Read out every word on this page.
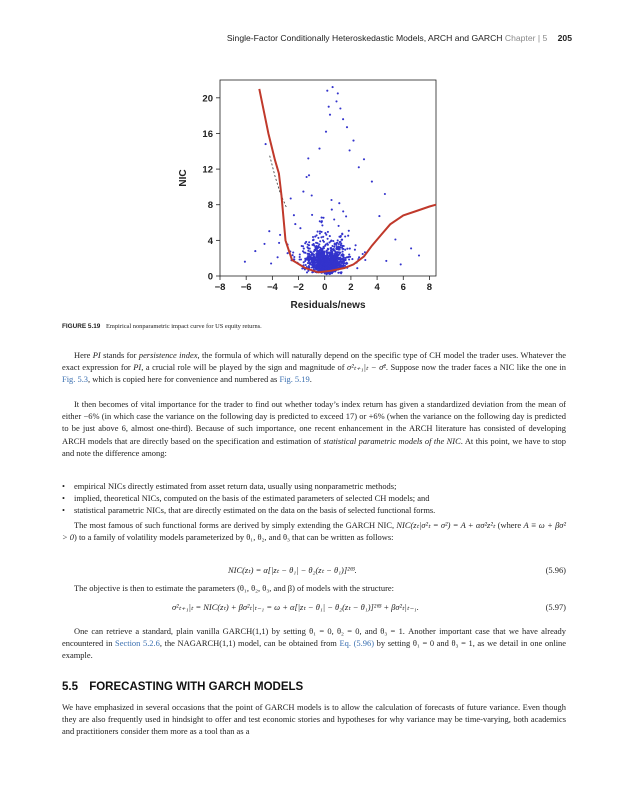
Single-Factor Conditionally Heteroskedastic Models, ARCH and GARCH Chapter | 5 205
−8 −6 −4 −2 0 2 4 6 8
0
4
8
12
16
20
Residuals/news
NIC
FIGURE 5.19 Empirical nonparametric impact curve for US equity returns.

Here PI stands for persistence index, the formula of which will naturally depend on the specific type of CH model the trader uses. Whatever the exact expression for PI, a crucial role will be played by the sign and magnitude of σ²ₜ₊₁|ₜ − σ̄². Suppose now the trader faces a NIC like the one in Fig. 5.3, which is copied here for convenience and numbered as Fig. 5.19.

It then becomes of vital importance for the trader to find out whether today’s index return has given a standardized deviation from the mean of either −6% (in which case the variance on the following day is predicted to exceed 17) or +6% (when the variance on the following day is predicted to be just above 6, almost one-third). Because of such importance, one recent enhancement in the ARCH literature has consisted of developing ARCH models that are directly based on the specification and estimation of statistical parametric models of the NIC. At this point, we have to stop and note the difference among:

• empirical NICs directly estimated from asset return data, usually using nonparametric methods;
• implied, theoretical NICs, computed on the basis of the estimated parameters of selected CH models; and
• statistical parametric NICs, that are directly estimated on the data on the basis of selected functional forms.

The most famous of such functional forms are derived by simply extending the GARCH NIC, NIC(zₜ|σ²ₜ = σ²) = A + ασ²z²ₜ (where A ≡ ω + βσ² > 0) to a family of volatility models parameterized by θ₁, θ₂, and θ₃ that can be written as follows:

NIC(zₜ) = α[|zₜ − θ₁| − θ₂(zₜ − θ₁)]²ᶿ³.	(5.96)

The objective is then to estimate the parameters (θ₁, θ₂, θ₃, and β) of models with the structure:

σ²ₜ₊₁|ₜ = NIC(zₜ) + βσ²ₜ|ₜ₋₁ = ω + α[|zₜ − θ₁| − θ₂(zₜ − θ₁)]²ᶿ³ + βσ²ₜ|ₜ₋₁.	(5.97)

One can retrieve a standard, plain vanilla GARCH(1,1) by setting θ₁ = 0, θ₂ = 0, and θ₃ = 1. Another important case that we have already encountered in Section 5.2.6, the NAGARCH(1,1) model, can be obtained from Eq. (5.96) by setting θ₁ = 0 and θ₃ = 1, as we detail in one online example.

5.5 FORECASTING WITH GARCH MODELS

We have emphasized in several occasions that the point of GARCH models is to allow the calculation of forecasts of future variance. Even though they are also frequently used in hindsight to offer and test economic stories and hypotheses for why variance may be time-varying, both academics and practitioners consider them more as a tool than as a
